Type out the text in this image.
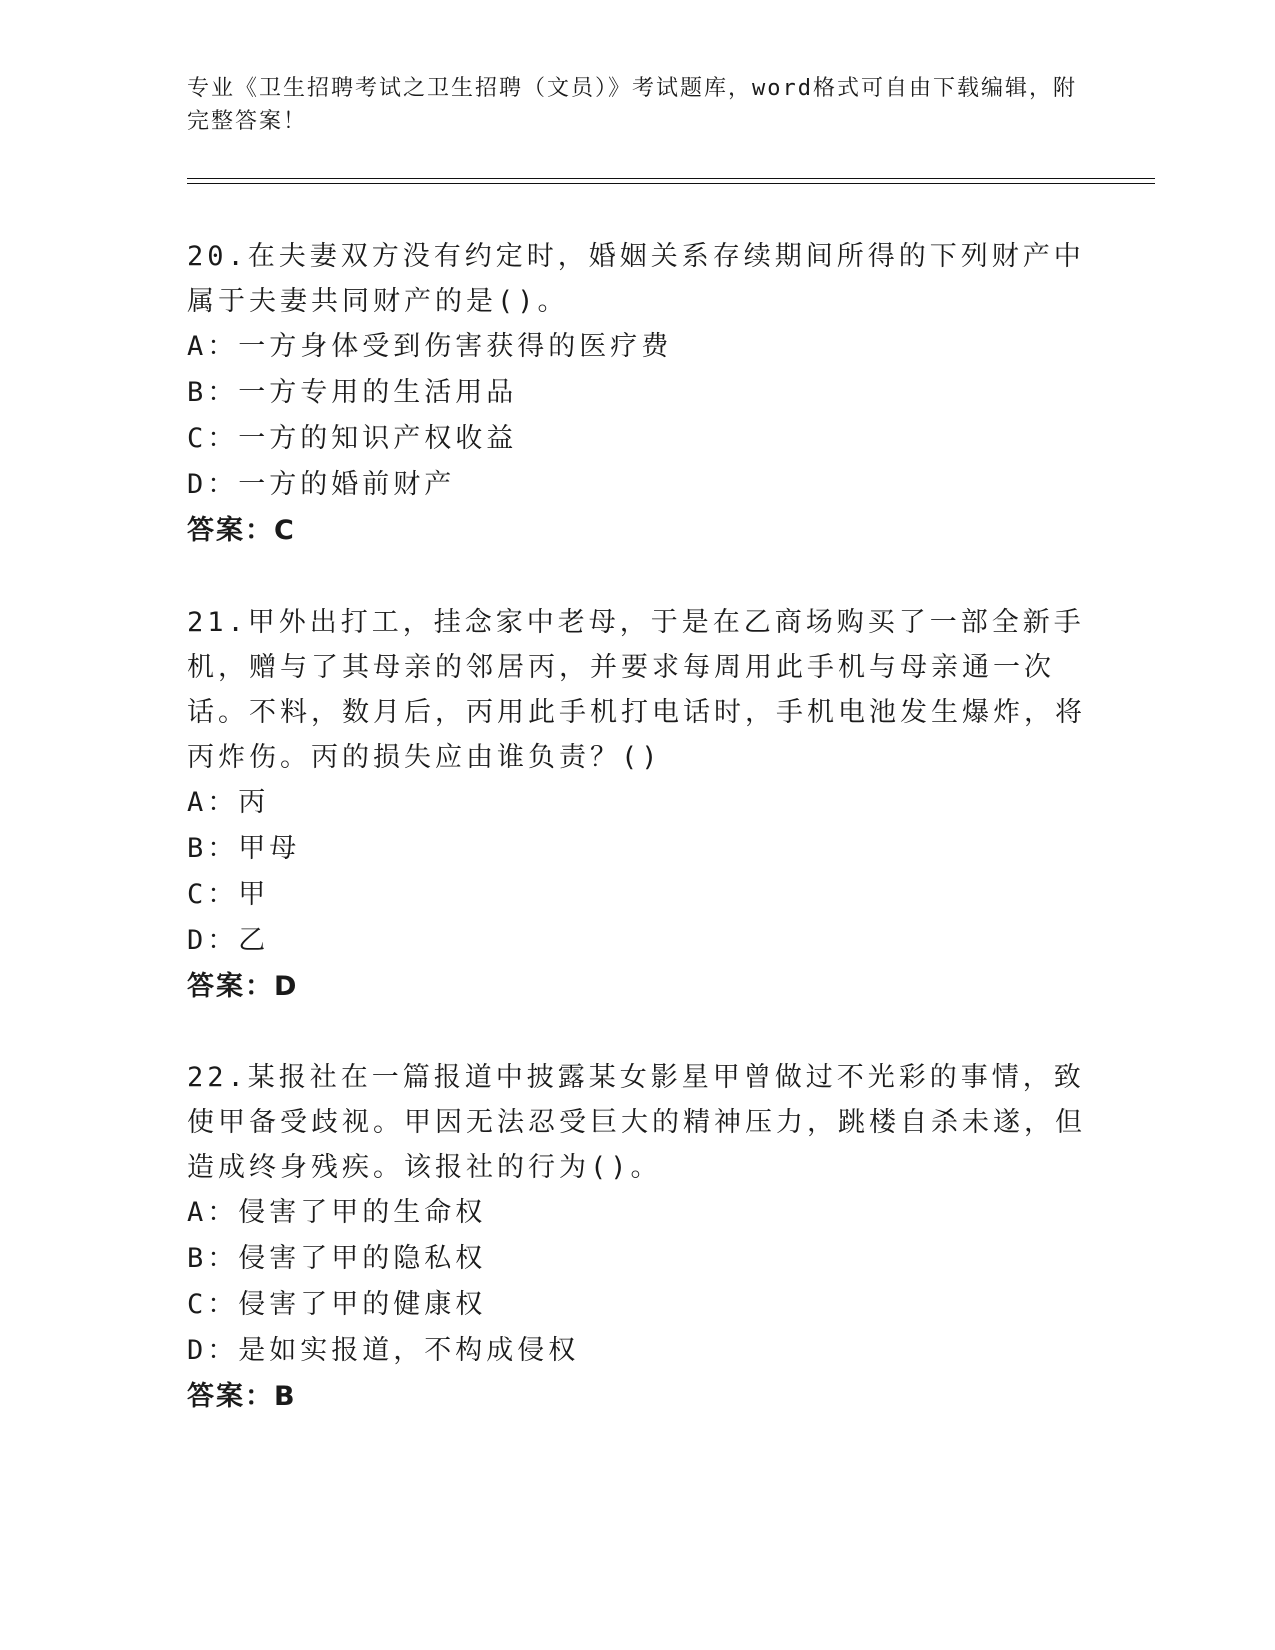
专业《卫生招聘考试之卫生招聘（文员）》考试题库，word格式可自由下载编辑，附完整答案！

20.在夫妻双方没有约定时，婚姻关系存续期间所得的下列财产中属于夫妻共同财产的是()。

A：一方身体受到伤害获得的医疗费

B：一方专用的生活用品

C：一方的知识产权收益

D：一方的婚前财产

答案：C

21.甲外出打工，挂念家中老母，于是在乙商场购买了一部全新手机，赠与了其母亲的邻居丙，并要求每周用此手机与母亲通一次话。不料，数月后，丙用此手机打电话时，手机电池发生爆炸，将丙炸伤。丙的损失应由谁负责？()

A：丙

B：甲母

C：甲

D：乙

答案：D

22.某报社在一篇报道中披露某女影星甲曾做过不光彩的事情，致使甲备受歧视。甲因无法忍受巨大的精神压力，跳楼自杀未遂，但造成终身残疾。该报社的行为()。

A：侵害了甲的生命权

B：侵害了甲的隐私权

C：侵害了甲的健康权

D：是如实报道，不构成侵权

答案：B
